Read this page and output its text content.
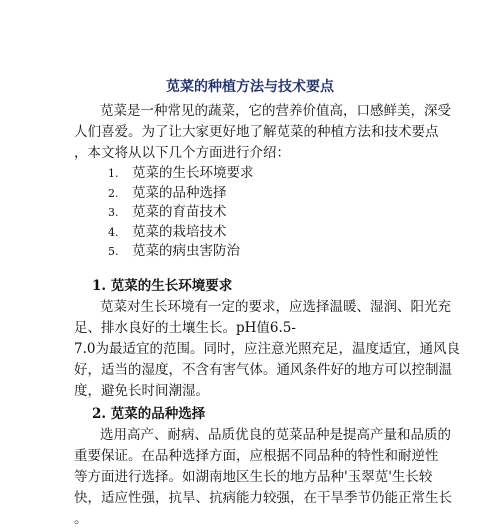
苋菜的种植方法与技术要点

苋菜是一种常见的蔬菜，它的营养价值高，口感鲜美，深受
人们喜爱。为了让大家更好地了解苋菜的种植方法和技术要点
，本文将从以下几个方面进行介绍：

1. 苋菜的生长环境要求
2. 苋菜的品种选择
3. 苋菜的育苗技术
4. 苋菜的栽培技术
5. 苋菜的病虫害防治
1. 苋菜的生长环境要求

苋菜对生长环境有一定的要求，应选择温暖、湿润、阳光充
足、排水良好的土壤生长。pH值6.5-
7.0为最适宜的范围。同时，应注意光照充足，温度适宜，通风良
好，适当的湿度，不含有害气体。通风条件好的地方可以控制温
度，避免长时间潮湿。

2. 苋菜的品种选择

选用高产、耐病、品质优良的苋菜品种是提高产量和品质的
重要保证。在品种选择方面，应根据不同品种的特性和耐逆性
等方面进行选择。如湖南地区生长的地方品种'玉翠苋'生长较
快，适应性强，抗旱、抗病能力较强，在干旱季节仍能正常生长
。
